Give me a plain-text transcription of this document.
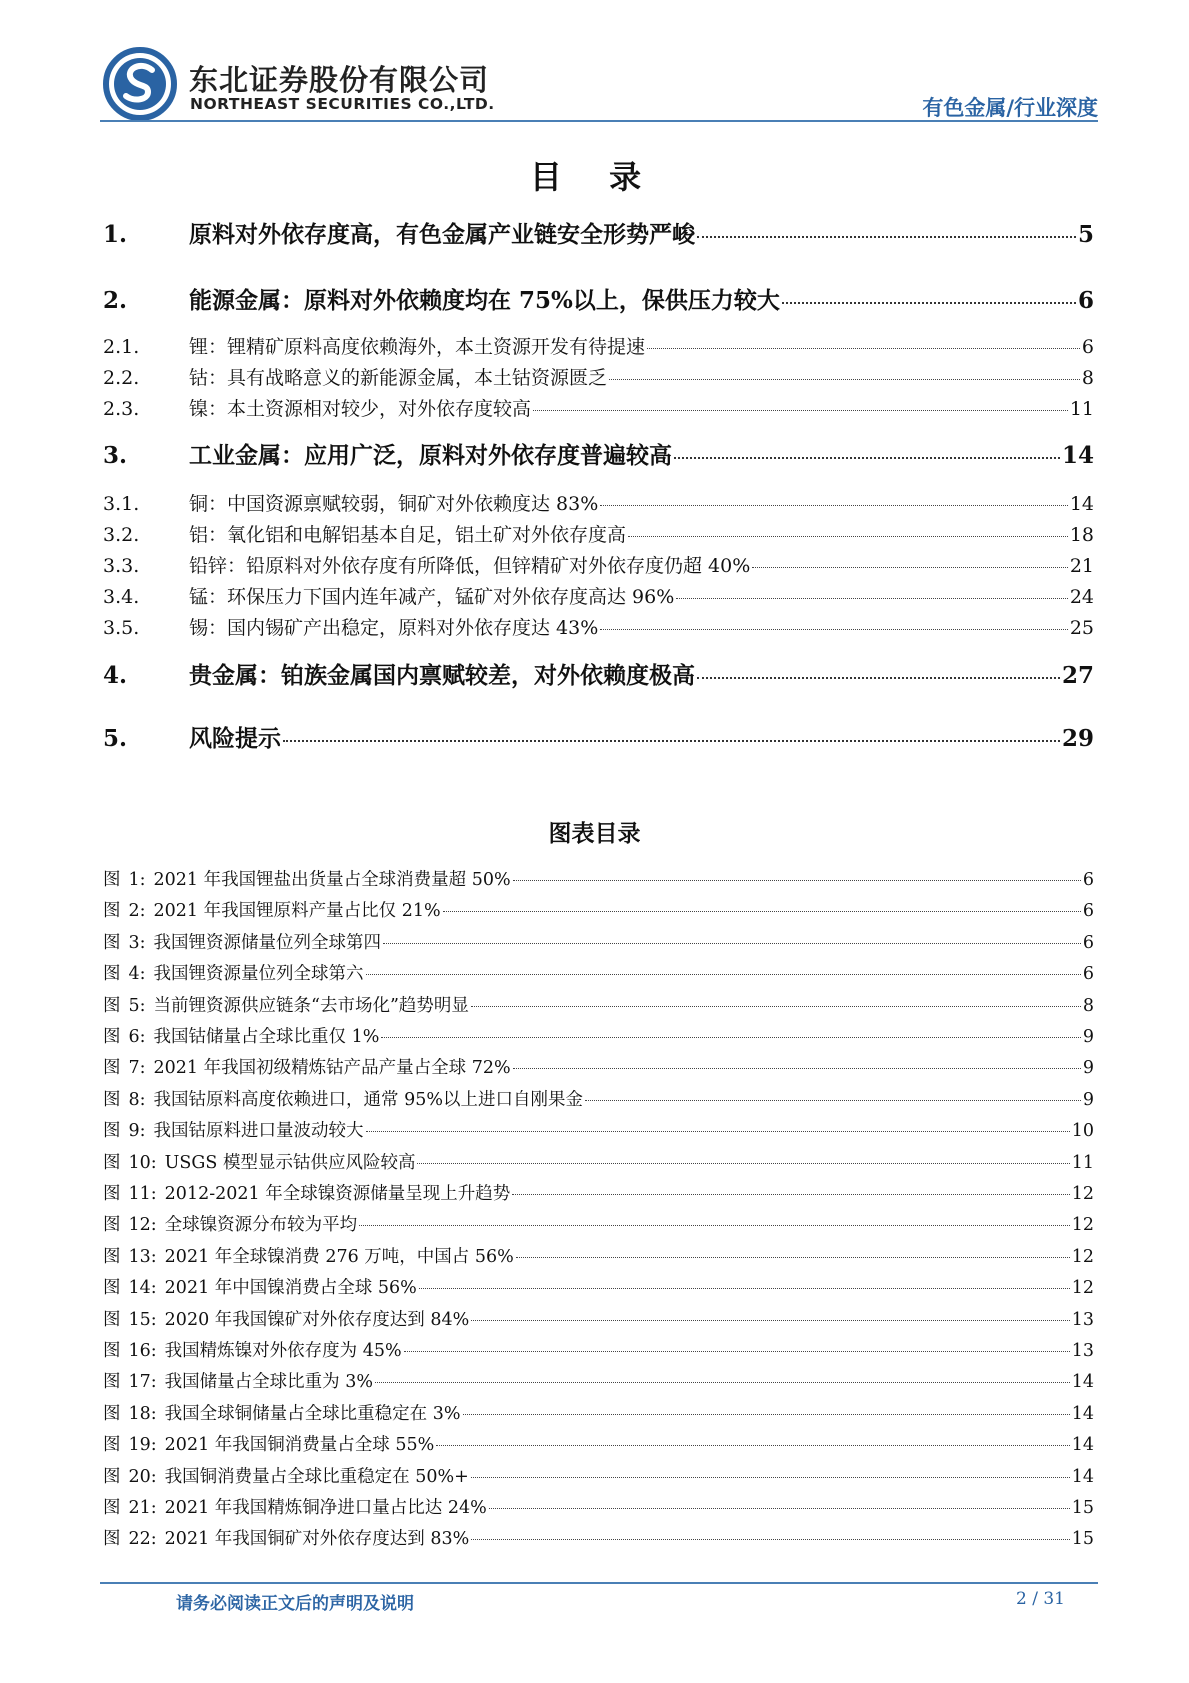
东北证券股份有限公司
NORTHEAST SECURITIES CO.,LTD.	有色金属/行业深度
目 录
1.	原料对外依存度高，有色金属产业链安全形势严峻	5
2.	能源金属：原料对外依赖度均在 75%以上，保供压力较大	6
2.1.	锂：锂精矿原料高度依赖海外，本土资源开发有待提速	6
2.2.	钴：具有战略意义的新能源金属，本土钴资源匮乏	8
2.3.	镍：本土资源相对较少，对外依存度较高	11
3.	工业金属：应用广泛，原料对外依存度普遍较高	14
3.1.	铜：中国资源禀赋较弱，铜矿对外依赖度达 83%	14
3.2.	铝：氧化铝和电解铝基本自足，铝土矿对外依存度高	18
3.3.	铅锌：铅原料对外依存度有所降低，但锌精矿对外依存度仍超 40%	21
3.4.	锰：环保压力下国内连年减产，锰矿对外依存度高达 96%	24
3.5.	锡：国内锡矿产出稳定，原料对外依存度达 43%	25
4.	贵金属：铂族金属国内禀赋较差，对外依赖度极高	27
5.	风险提示	29
图表目录
图 1: 2021 年我国锂盐出货量占全球消费量超 50%	6
图 2: 2021 年我国锂原料产量占比仅 21%	6
图 3: 我国锂资源储量位列全球第四	6
图 4: 我国锂资源量位列全球第六	6
图 5: 当前锂资源供应链条“去市场化”趋势明显	8
图 6: 我国钴储量占全球比重仅 1%	9
图 7: 2021 年我国初级精炼钴产品产量占全球 72%	9
图 8: 我国钴原料高度依赖进口，通常 95%以上进口自刚果金	9
图 9: 我国钴原料进口量波动较大	10
图 10: USGS 模型显示钴供应风险较高	11
图 11: 2012-2021 年全球镍资源储量呈现上升趋势	12
图 12: 全球镍资源分布较为平均	12
图 13: 2021 年全球镍消费 276 万吨，中国占 56%	12
图 14: 2021 年中国镍消费占全球 56%	12
图 15: 2020 年我国镍矿对外依存度达到 84%	13
图 16: 我国精炼镍对外依存度为 45%	13
图 17: 我国储量占全球比重为 3%	14
图 18: 我国全球铜储量占全球比重稳定在 3%	14
图 19: 2021 年我国铜消费量占全球 55%	14
图 20: 我国铜消费量占全球比重稳定在 50%+	14
图 21: 2021 年我国精炼铜净进口量占比达 24%	15
图 22: 2021 年我国铜矿对外依存度达到 83%	15
请务必阅读正文后的声明及说明	2 / 31
